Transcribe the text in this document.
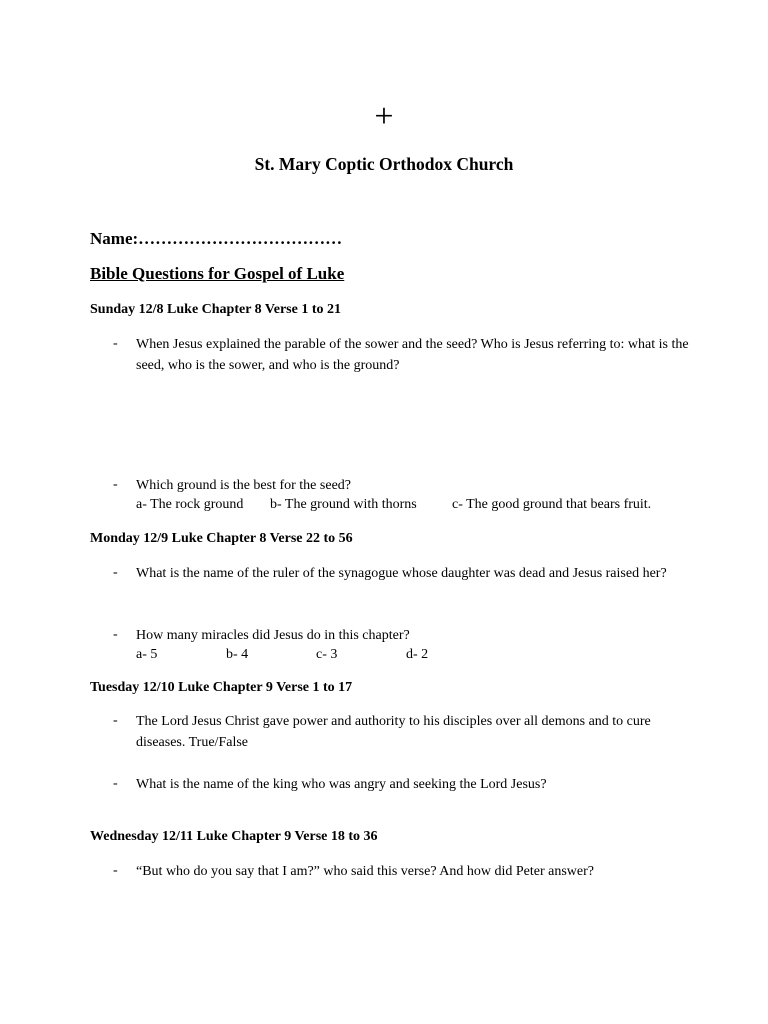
+
St. Mary Coptic Orthodox Church
Name:………………………………
Bible Questions for Gospel of Luke
Sunday 12/8 Luke Chapter 8 Verse 1 to 21
- When Jesus explained the parable of the sower and the seed? Who is Jesus referring to: what is the seed, who is the sower, and who is the ground?
- Which ground is the best for the seed?
a- The rock ground b- The ground with thorns	c- The good ground that bears fruit.
Monday 12/9 Luke Chapter 8 Verse 22 to 56
- What is the name of the ruler of the synagogue whose daughter was dead and Jesus raised her?
- How many miracles did Jesus do in this chapter?
a- 5	b- 4	c- 3	d- 2
Tuesday 12/10 Luke Chapter 9 Verse 1 to 17
- The Lord Jesus Christ gave power and authority to his disciples over all demons and to cure diseases. True/False
- What is the name of the king who was angry and seeking the Lord Jesus?
Wednesday 12/11 Luke Chapter 9 Verse 18 to 36
- “But who do you say that I am?” who said this verse? And how did Peter answer?
